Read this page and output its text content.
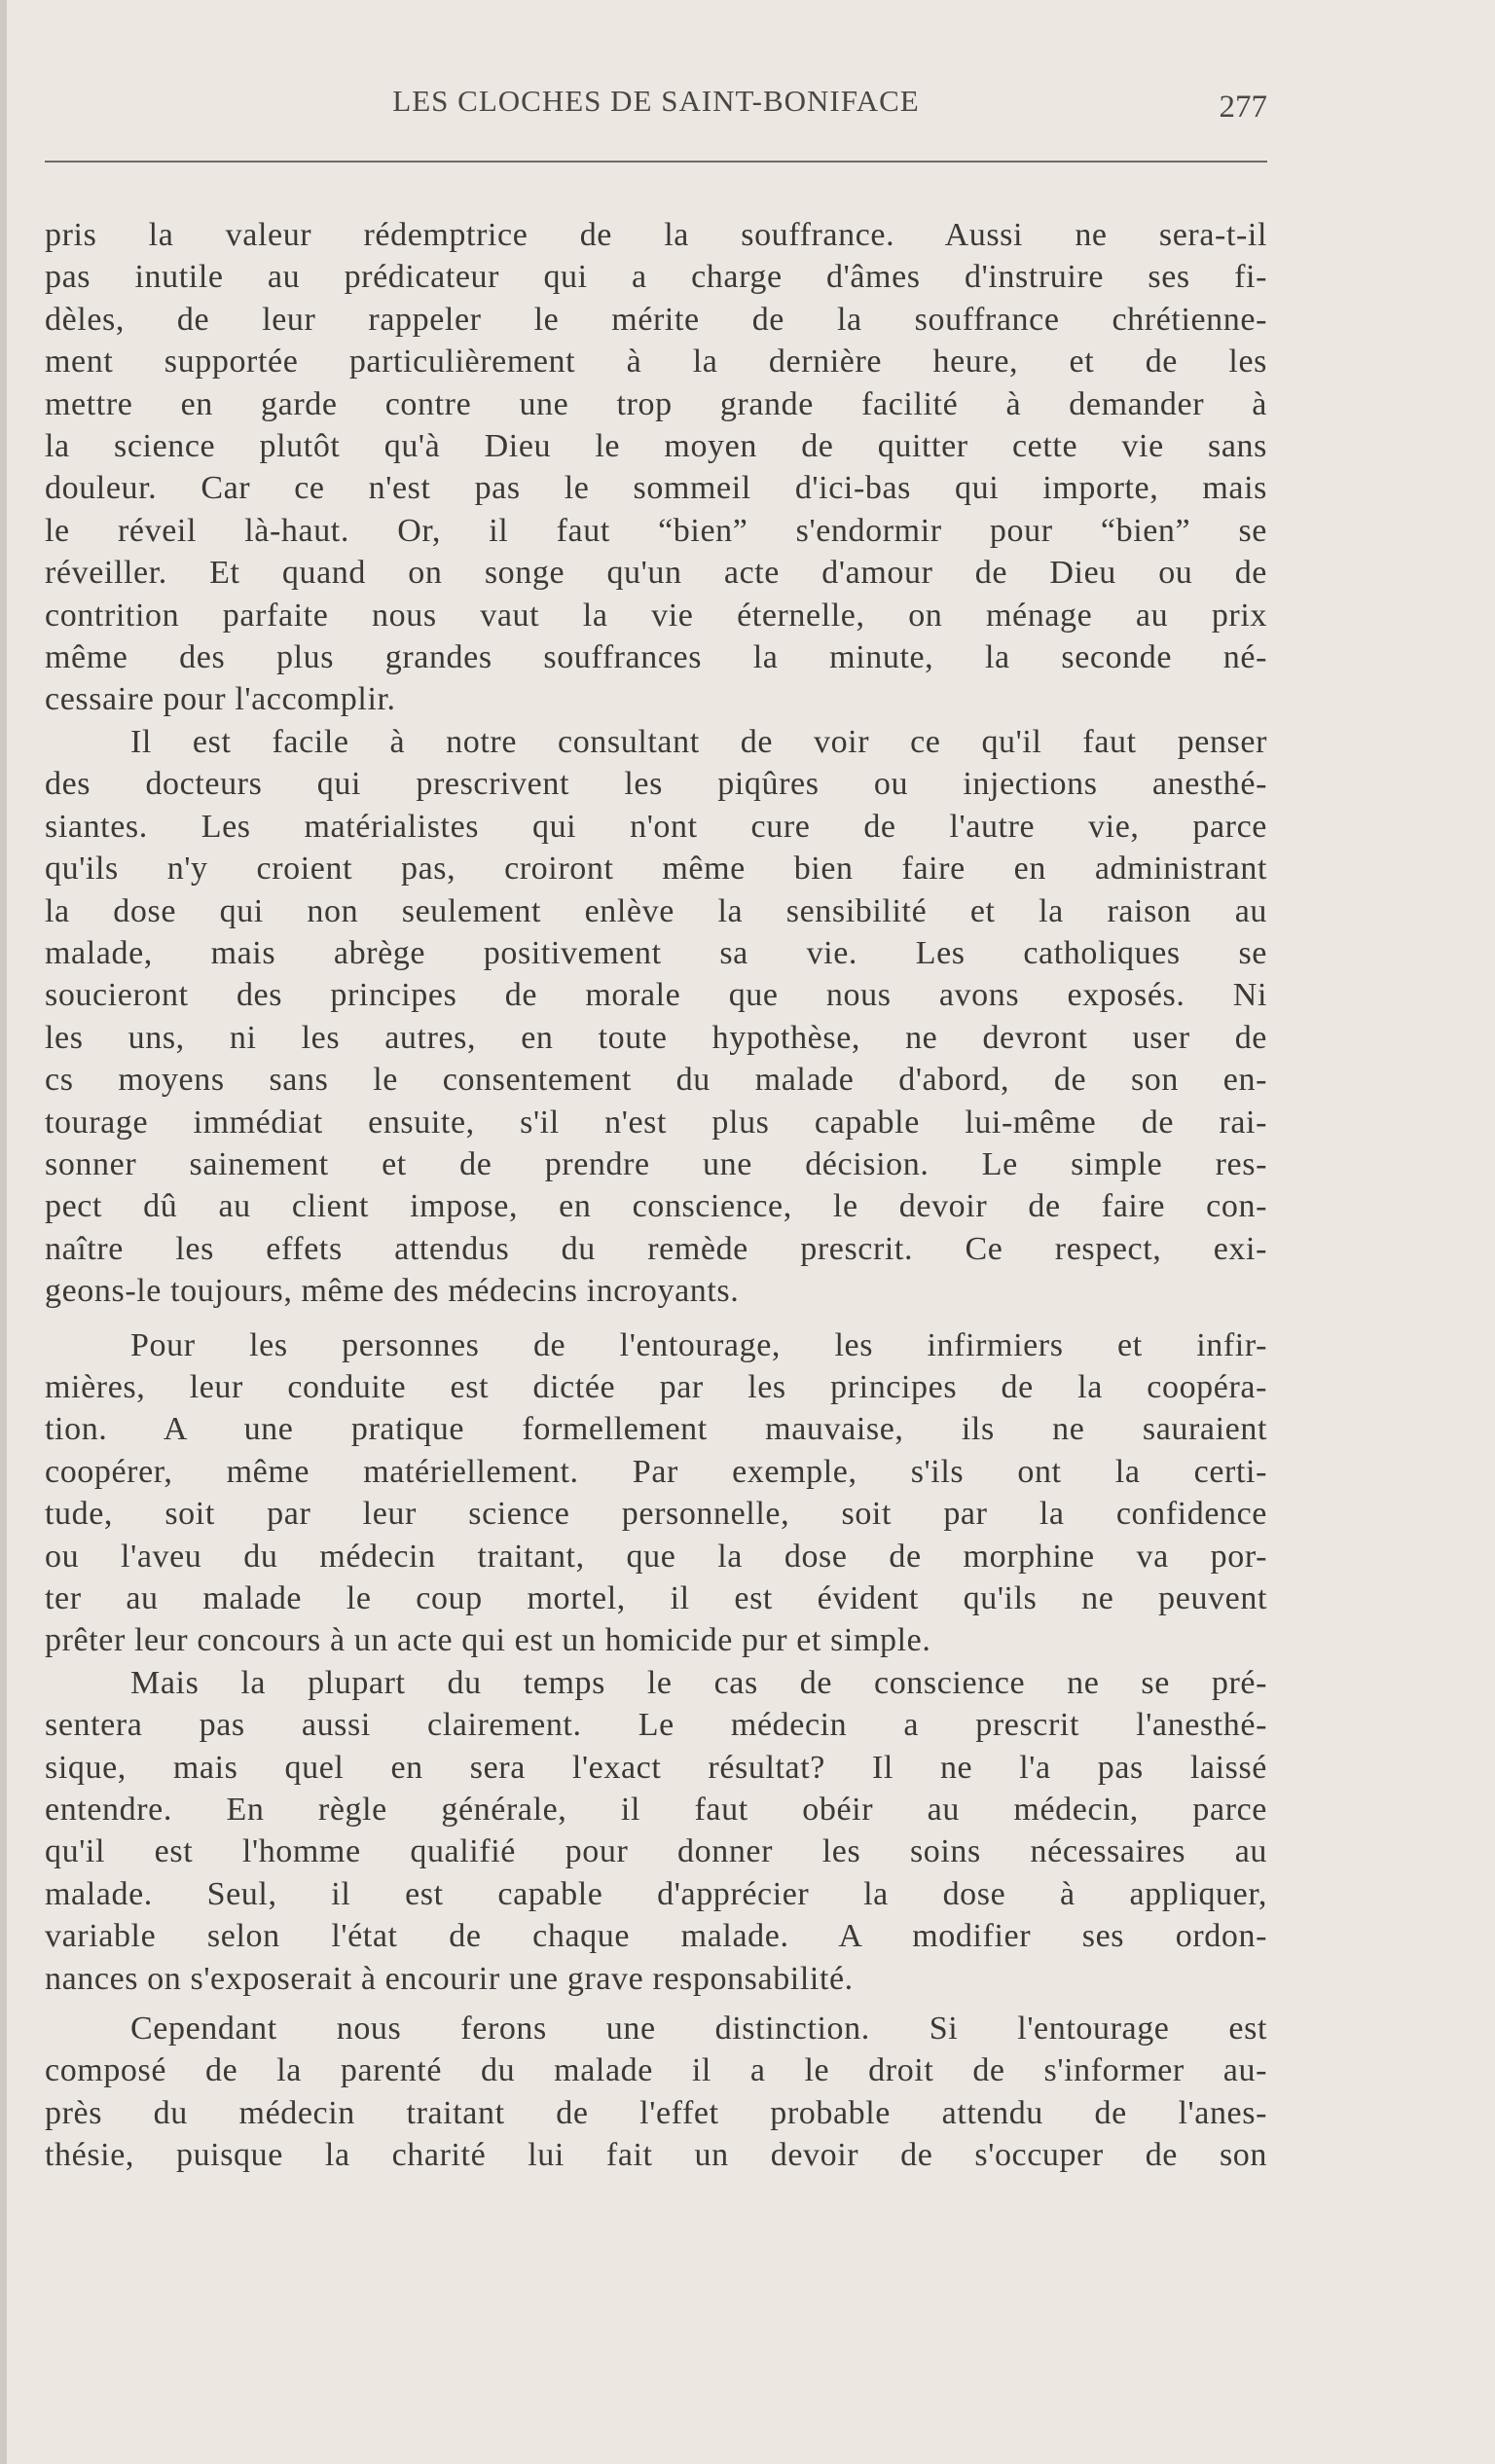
LES CLOCHES DE SAINT-BONIFACE	277

pris la valeur rédemptrice de la souffrance. Aussi ne sera-t-il

pas inutile au prédicateur qui a charge d'âmes d'instruire ses fi-

dèles, de leur rappeler le mérite de la souffrance chrétienne-

ment supportée particulièrement à la dernière heure, et de les

mettre en garde contre une trop grande facilité à demander à

la science plutôt qu'à Dieu le moyen de quitter cette vie sans

douleur. Car ce n'est pas le sommeil d'ici-bas qui importe, mais

le réveil là-haut. Or, il faut “bien” s'endormir pour “bien” se

réveiller. Et quand on songe qu'un acte d'amour de Dieu ou de

contrition parfaite nous vaut la vie éternelle, on ménage au prix

même des plus grandes souffrances la minute, la seconde né-

cessaire pour l'accomplir.

Il est facile à notre consultant de voir ce qu'il faut penser

des docteurs qui prescrivent les piqûres ou injections anesthé-

siantes. Les matérialistes qui n'ont cure de l'autre vie, parce

qu'ils n'y croient pas, croiront même bien faire en administrant

la dose qui non seulement enlève la sensibilité et la raison au

malade, mais abrège positivement sa vie. Les catholiques se

soucieront des principes de morale que nous avons exposés. Ni

les uns, ni les autres, en toute hypothèse, ne devront user de

cs moyens sans le consentement du malade d'abord, de son en-

tourage immédiat ensuite, s'il n'est plus capable lui-même de rai-

sonner sainement et de prendre une décision. Le simple res-

pect dû au client impose, en conscience, le devoir de faire con-

naître les effets attendus du remède prescrit. Ce respect, exi-

geons-le toujours, même des médecins incroyants.

Pour les personnes de l'entourage, les infirmiers et infir-

mières, leur conduite est dictée par les principes de la coopéra-

tion. A une pratique formellement mauvaise, ils ne sauraient

coopérer, même matériellement. Par exemple, s'ils ont la certi-

tude, soit par leur science personnelle, soit par la confidence

ou l'aveu du médecin traitant, que la dose de morphine va por-

ter au malade le coup mortel, il est évident qu'ils ne peuvent

prêter leur concours à un acte qui est un homicide pur et simple.

Mais la plupart du temps le cas de conscience ne se pré-

sentera pas aussi clairement. Le médecin a prescrit l'anesthé-

sique, mais quel en sera l'exact résultat? Il ne l'a pas laissé

entendre. En règle générale, il faut obéir au médecin, parce

qu'il est l'homme qualifié pour donner les soins nécessaires au

malade. Seul, il est capable d'apprécier la dose à appliquer,

variable selon l'état de chaque malade. A modifier ses ordon-

nances on s'exposerait à encourir une grave responsabilité.

Cependant nous ferons une distinction. Si l'entourage est

composé de la parenté du malade il a le droit de s'informer au-

près du médecin traitant de l'effet probable attendu de l'anes-

thésie, puisque la charité lui fait un devoir de s'occuper de son
